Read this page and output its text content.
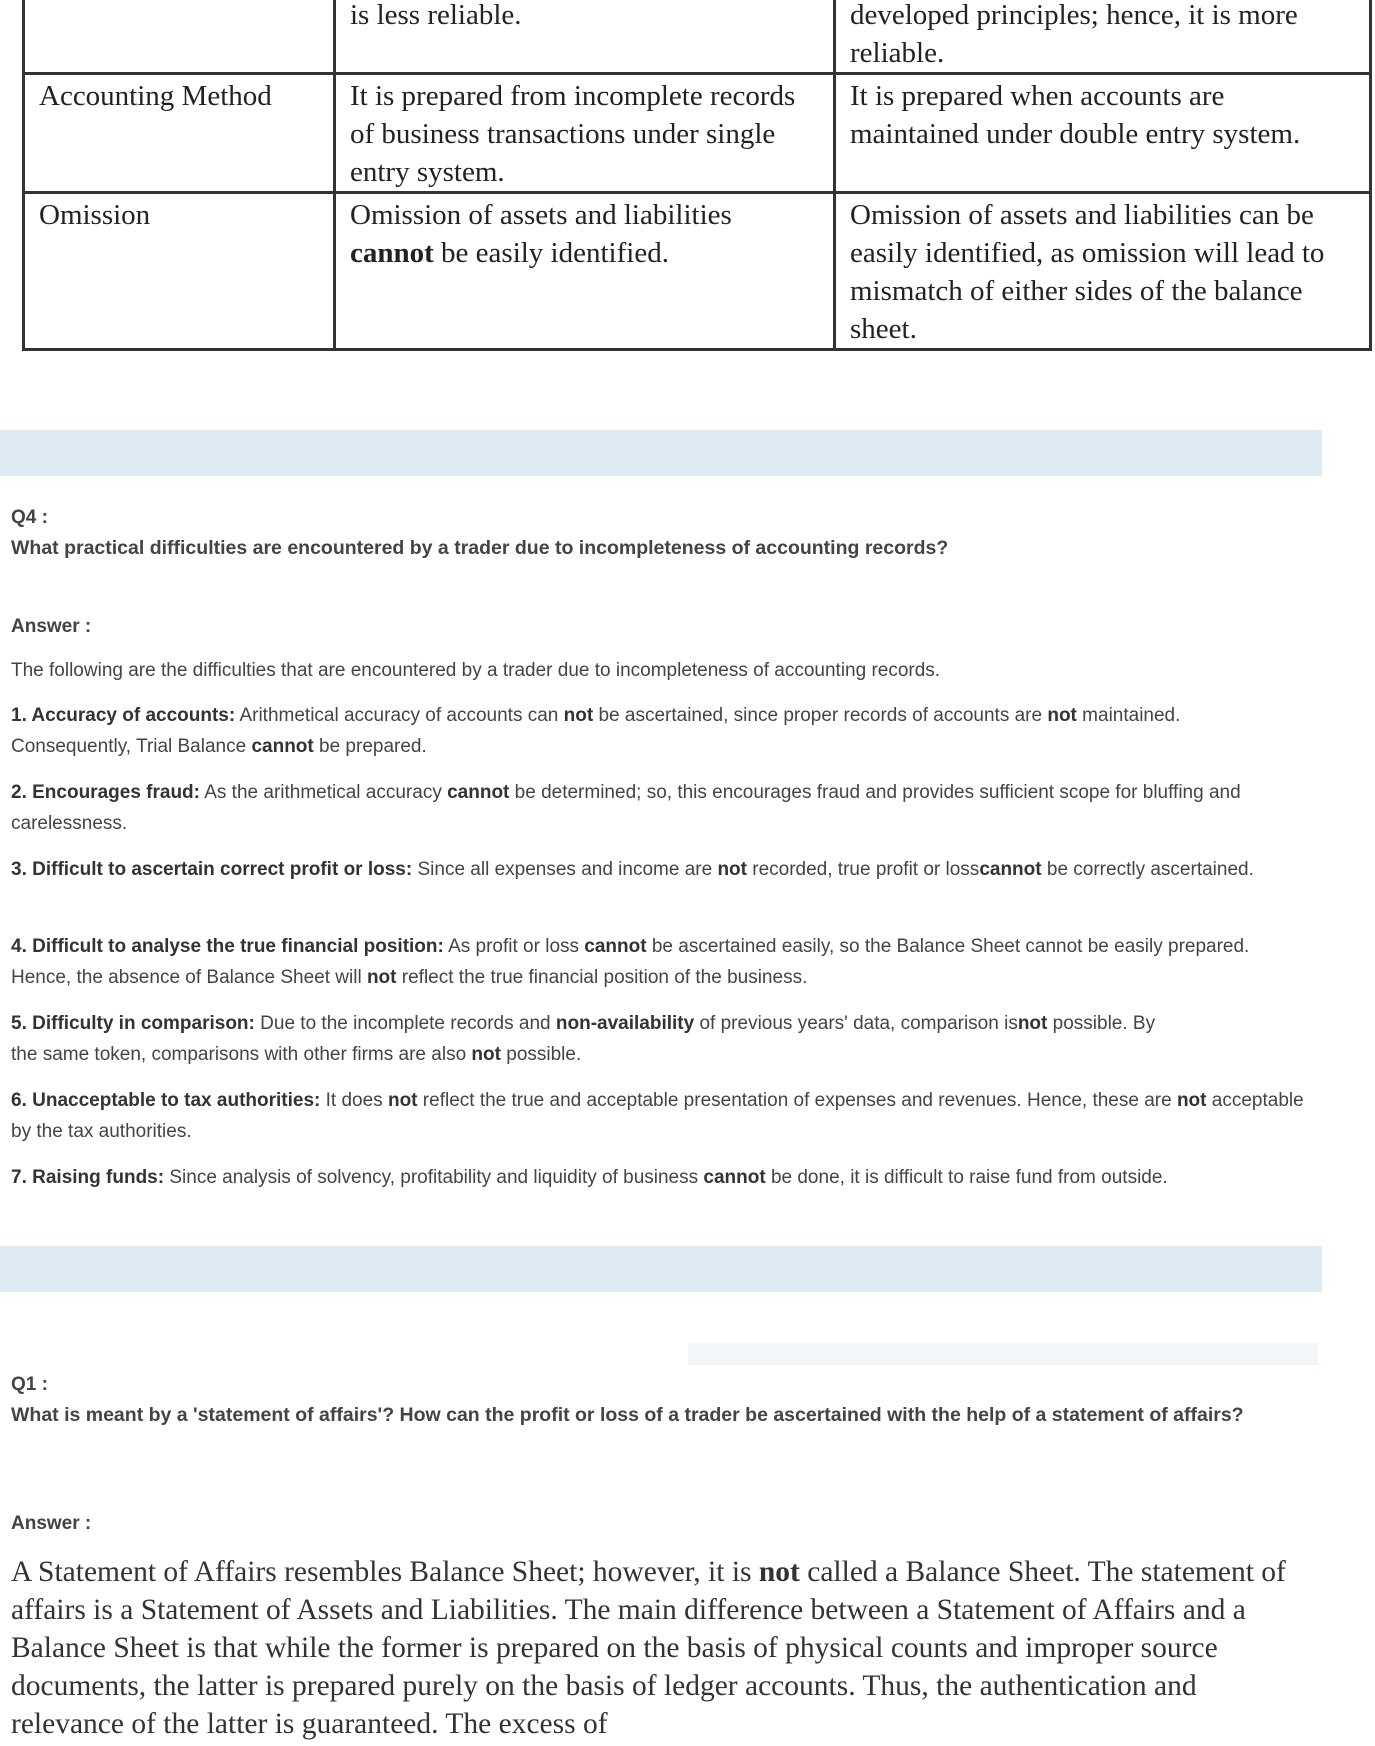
	is less reliable.	developed principles; hence, it is more reliable.
Accounting Method	It is prepared from incomplete records of business transactions under single entry system.	It is prepared when accounts are maintained under double entry system.
Omission	Omission of assets and liabilities cannot be easily identified.	Omission of assets and liabilities can be easily identified, as omission will lead to mismatch of either sides of the balance sheet.
Q4 :
What practical difficulties are encountered by a trader due to incompleteness of accounting records?
Answer :
The following are the difficulties that are encountered by a trader due to incompleteness of accounting records.
1. Accuracy of accounts: Arithmetical accuracy of accounts can not be ascertained, since proper records of accounts are not maintained. Consequently, Trial Balance cannot be prepared.
2. Encourages fraud: As the arithmetical accuracy cannot be determined; so, this encourages fraud and provides sufficient scope for bluffing and carelessness.
3. Difficult to ascertain correct profit or loss: Since all expenses and income are not recorded, true profit or losscannot be correctly ascertained.
4. Difficult to analyse the true financial position: As profit or loss cannot be ascertained easily, so the Balance Sheet cannot be easily prepared. Hence, the absence of Balance Sheet will not reflect the true financial position of the business.
5. Difficulty in comparison: Due to the incomplete records and non-availability of previous years' data, comparison isnot possible. By the same token, comparisons with other firms are also not possible.
6. Unacceptable to tax authorities: It does not reflect the true and acceptable presentation of expenses and revenues. Hence, these are not acceptable by the tax authorities.
7. Raising funds: Since analysis of solvency, profitability and liquidity of business cannot be done, it is difficult to raise fund from outside.
Q1 :
What is meant by a 'statement of affairs'? How can the profit or loss of a trader be ascertained with the help of a statement of affairs?
Answer :
A Statement of Affairs resembles Balance Sheet; however, it is not called a Balance Sheet. The statement of affairs is a Statement of Assets and Liabilities. The main difference between a Statement of Affairs and a Balance Sheet is that while the former is prepared on the basis of physical counts and improper source documents, the latter is prepared purely on the basis of ledger accounts. Thus, the authentication and relevance of the latter is guaranteed. The excess of
